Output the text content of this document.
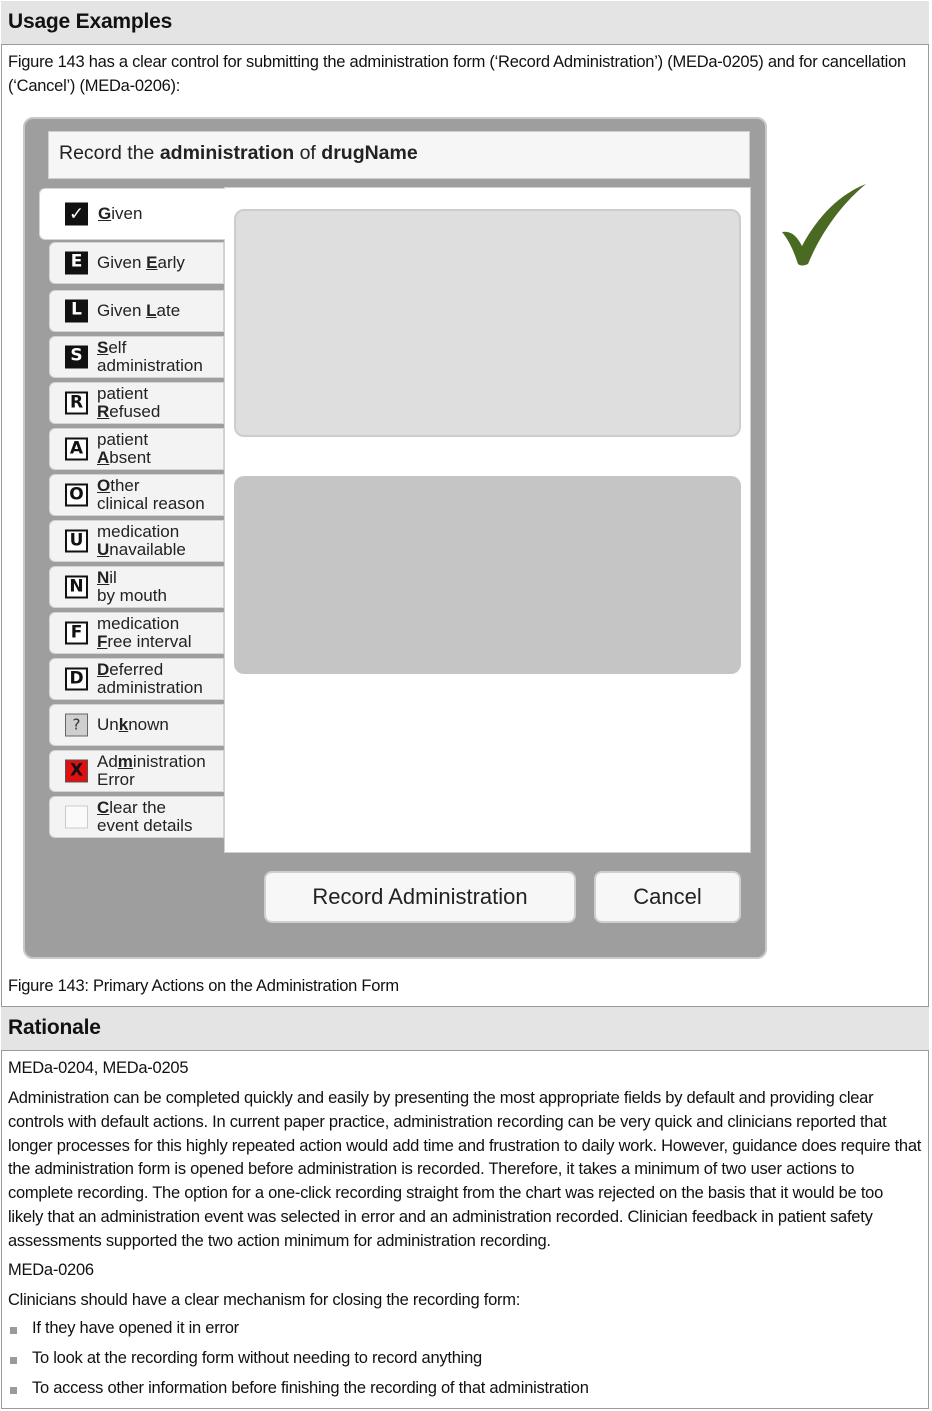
Usage Examples
Figure 143 has a clear control for submitting the administration form (‘Record Administration’) (MEDa-0205) and for cancellation (‘Cancel’) (MEDa-0206):
Record the administration of drugName
✓ Given
E Given Early
L Given Late
S Self
administration
R patient
Refused
A patient
Absent
O Other
clinical reason
U medication
Unavailable
N Nil
by mouth
F medication
Free interval
D Deferred
administration
? Unknown
X Administration
Error
Clear the
event details
Record Administration	Cancel
Figure 143: Primary Actions on the Administration Form
Rationale
MEDa-0204, MEDa-0205
Administration can be completed quickly and easily by presenting the most appropriate fields by default and providing clear controls with default actions. In current paper practice, administration recording can be very quick and clinicians reported that longer processes for this highly repeated action would add time and frustration to daily work. However, guidance does require that the administration form is opened before administration is recorded. Therefore, it takes a minimum of two user actions to complete recording. The option for a one-click recording straight from the chart was rejected on the basis that it would be too likely that an administration event was selected in error and an administration recorded. Clinician feedback in patient safety assessments supported the two action minimum for administration recording.
MEDa-0206
Clinicians should have a clear mechanism for closing the recording form:
If they have opened it in error
To look at the recording form without needing to record anything
To access other information before finishing the recording of that administration
